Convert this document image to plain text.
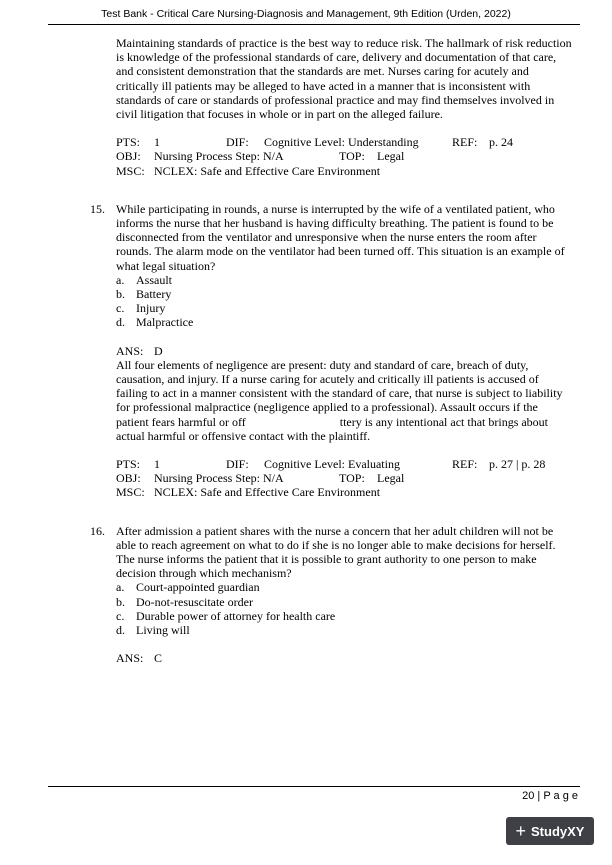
Test Bank - Critical Care Nursing-Diagnosis and Management, 9th Edition (Urden, 2022)

Maintaining standards of practice is the best way to reduce risk. The hallmark of risk reduction is knowledge of the professional standards of care, delivery and documentation of that care, and consistent demonstration that the standards are met. Nurses caring for acutely and critically ill patients may be alleged to have acted in a manner that is inconsistent with standards of care or standards of professional practice and may find themselves involved in civil litigation that focuses in whole or in part on the alleged failure.

PTS:	1	DIF:	Cognitive Level: Understanding	REF: p. 24
OBJ:	Nursing Process Step: N/A	TOP:	Legal
MSC: NCLEX: Safe and Effective Care Environment
15. While participating in rounds, a nurse is interrupted by the wife of a ventilated patient, who informs the nurse that her husband is having difficulty breathing. The patient is found to be disconnected from the ventilator and unresponsive when the nurse enters the room after rounds. The alarm mode on the ventilator had been turned off. This situation is an example of what legal situation?

a. Assault
b. Battery
c. Injury
d. Malpractice
ANS: D

All four elements of negligence are present: duty and standard of care, breach of duty, causation, and injury. If a nurse caring for acutely and critically ill patients is accused of failing to act in a manner consistent with the standard of care, that nurse is subject to liability for professional malpractice (negligence applied to a professional). Assault occurs if the patient fears harmful or off	ttery is any intentional act that brings about actual harmful or offensive contact with the plaintiff.

PTS:	1	DIF:	Cognitive Level: Evaluating	REF: p. 27 | p. 28
OBJ:	Nursing Process Step: N/A	TOP:	Legal
MSC: NCLEX: Safe and Effective Care Environment
16. After admission a patient shares with the nurse a concern that her adult children will not be able to reach agreement on what to do if she is no longer able to make decisions for herself. The nurse informs the patient that it is possible to grant authority to one person to make decision through which mechanism?

a. Court-appointed guardian
b. Do-not-resuscitate order
c. Durable power of attorney for health care
d. Living will
ANS: C
20 | P a g e
+ StudyXY
